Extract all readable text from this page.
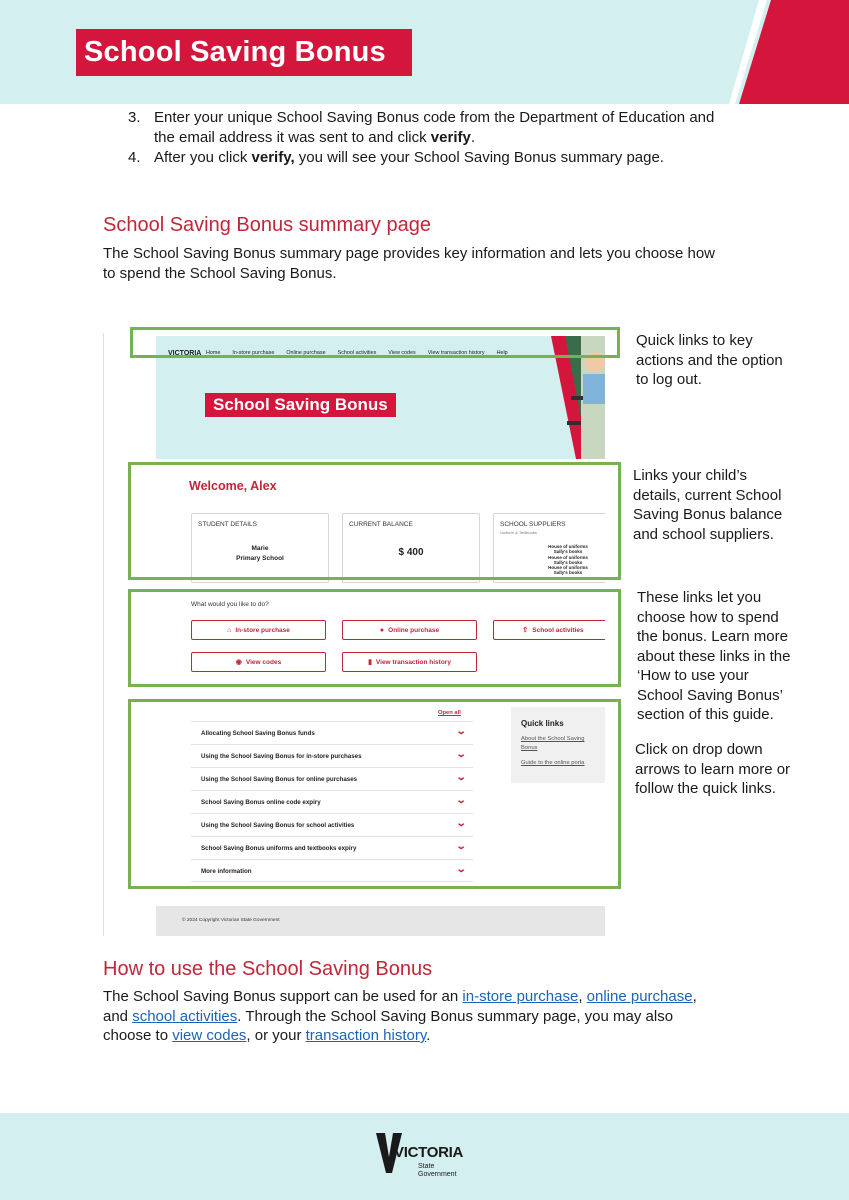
School Saving Bonus
3. Enter your unique School Saving Bonus code from the Department of Education and
the email address it was sent to and click verify.
4. After you click verify, you will see your School Saving Bonus summary page.
School Saving Bonus summary page
The School Saving Bonus summary page provides key information and lets you choose how
to spend the School Saving Bonus.
VICTORIA Home In-store purchase Online purchase School activities View codes View transaction history Help
School Saving Bonus
Welcome, Alex
STUDENT DETAILS
Marie
Primary School
CURRENT BALANCE
$ 400
SCHOOL SUPPLIERS
Uniform & Textbooks
House of uniforms
Sally's books
House of uniforms
Sally's books
House of uniforms
Sally's books
What would you like to do?
⌂ In-store purchase	● Online purchase	⇧ School activities
◉ View codes	▮ View transaction history
Open all
Allocating School Saving Bonus funds	⌄
Using the School Saving Bonus for in-store purchases	⌄
Using the School Saving Bonus for online purchases	⌄
School Saving Bonus online code expiry	⌄
Using the School Saving Bonus for school activities	⌄
School Saving Bonus uniforms and textbooks expiry	⌄
More information	⌄
Quick links
About the School Saving
Bonus
Guide to the online porta
© 2024 Copyright Victorian State Government
Quick links to key
actions and the option
to log out.
Links your child’s
details, current School
Saving Bonus balance
and school suppliers.
These links let you
choose how to spend
the bonus. Learn more
about these links in the
‘How to use your
School Saving Bonus’
section of this guide.
Click on drop down
arrows to learn more or
follow the quick links.
How to use the School Saving Bonus
The School Saving Bonus support can be used for an in-store purchase, online purchase,
and school activities. Through the School Saving Bonus summary page, you may also
choose to view codes, or your transaction history.
VICTORIA
State
Government
